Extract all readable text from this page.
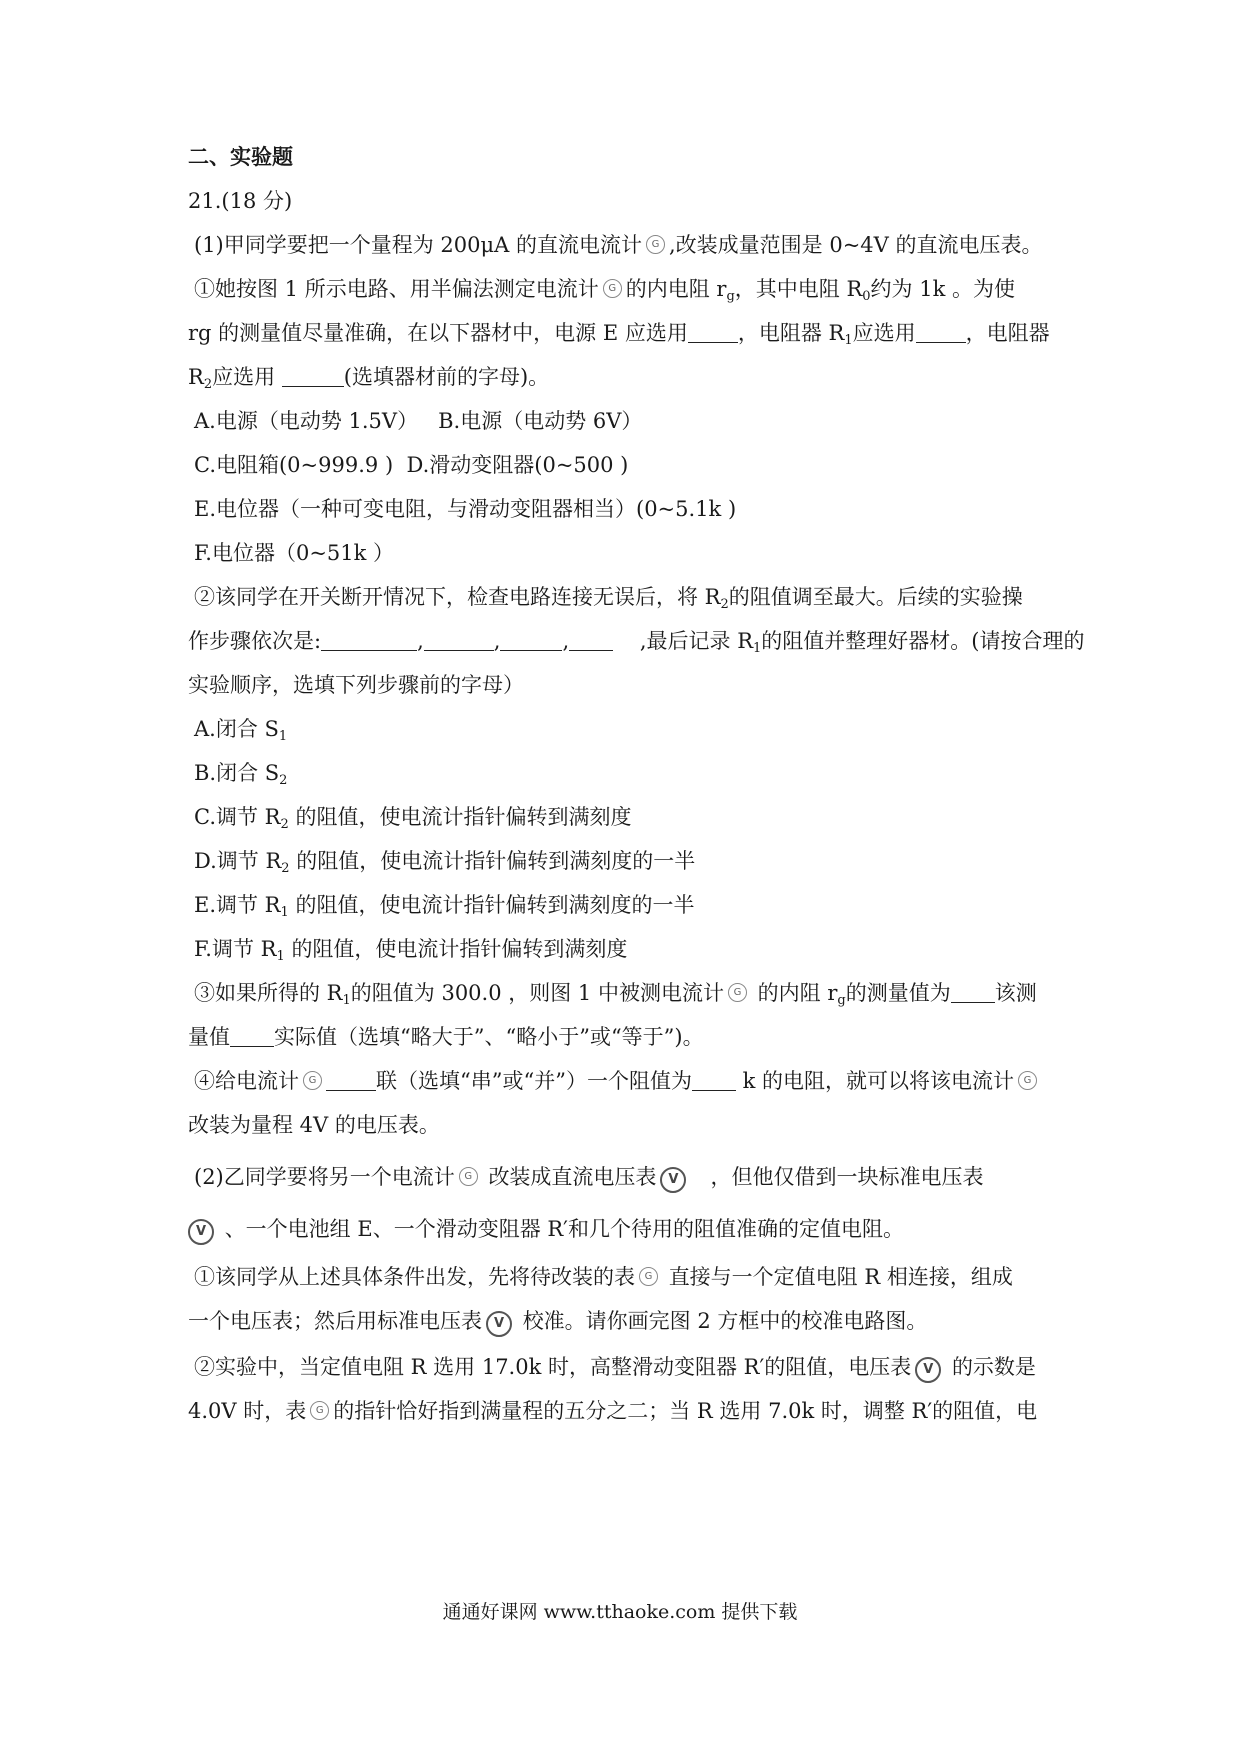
二、实验题
21.(18 分)
(1)甲同学要把一个量程为 200μA 的直流电流计 G ,改装成量范围是 0~4V 的直流电压表。
①她按图 1 所示电路、用半偏法测定电流计 G 的内电阻 $r_g$，其中电阻 $R_0$约为 1k 。为使
rg 的测量值尽量准确，在以下器材中，电源 E 应选用 ，电阻器 $R_1$应选用 ，电阻器
$R_2$应选用	(选填器材前的字母)。
A.电源（电动势 1.5V） B.电源（电动势 6V）
C.电阻箱(0~999.9 ) D.滑动变阻器(0~500 )
E.电位器（一种可变电阻，与滑动变阻器相当）(0~5.1k )
F.电位器（0~51k ）
②该同学在开关断开情况下，检查电路连接无误后，将 $R_2$的阻值调至最大。后续的实验操
作步骤依次是:	,	,	,	,最后记录 $R_1$的阻值并整理好器材。(请按合理的
实验顺序，选填下列步骤前的字母）
A.闭合 $S_1$
B.闭合 $S_2$
C.调节 $R_2$ 的阻值，使电流计指针偏转到满刻度
D.调节 $R_2$ 的阻值，使电流计指针偏转到满刻度的一半
E.调节 $R_1$ 的阻值，使电流计指针偏转到满刻度的一半
F.调节 $R_1$ 的阻值，使电流计指针偏转到满刻度
③如果所得的 $R_1$的阻值为 300.0 ，则图 1 中被测电流计 G 的内阻 $r_g$的测量值为 该测
量值 实际值（选填“略大于”、“略小于”或“等于”)。
④给电流计 G	联（选填“串”或“并”）一个阻值为 k 的电阻，就可以将该电流计 G
改装为量程 4V 的电压表。
(2)乙同学要将另一个电流计 G 改装成直流电压表 V ，但他仅借到一块标准电压表
V 、一个电池组 E、一个滑动变阻器 R′和几个待用的阻值准确的定值电阻。
①该同学从上述具体条件出发，先将待改装的表 G 直接与一个定值电阻 R 相连接，组成
一个电压表；然后用标准电压表 V 校准。请你画完图 2 方框中的校准电路图。
②实验中，当定值电阻 R 选用 17.0k 时，高整滑动变阻器 R′的阻值，电压表 V 的示数是
4.0V 时，表 G 的指针恰好指到满量程的五分之二；当 R 选用 7.0k 时，调整 R′的阻值，电
通通好课网 www.tthaoke.com 提供下载
